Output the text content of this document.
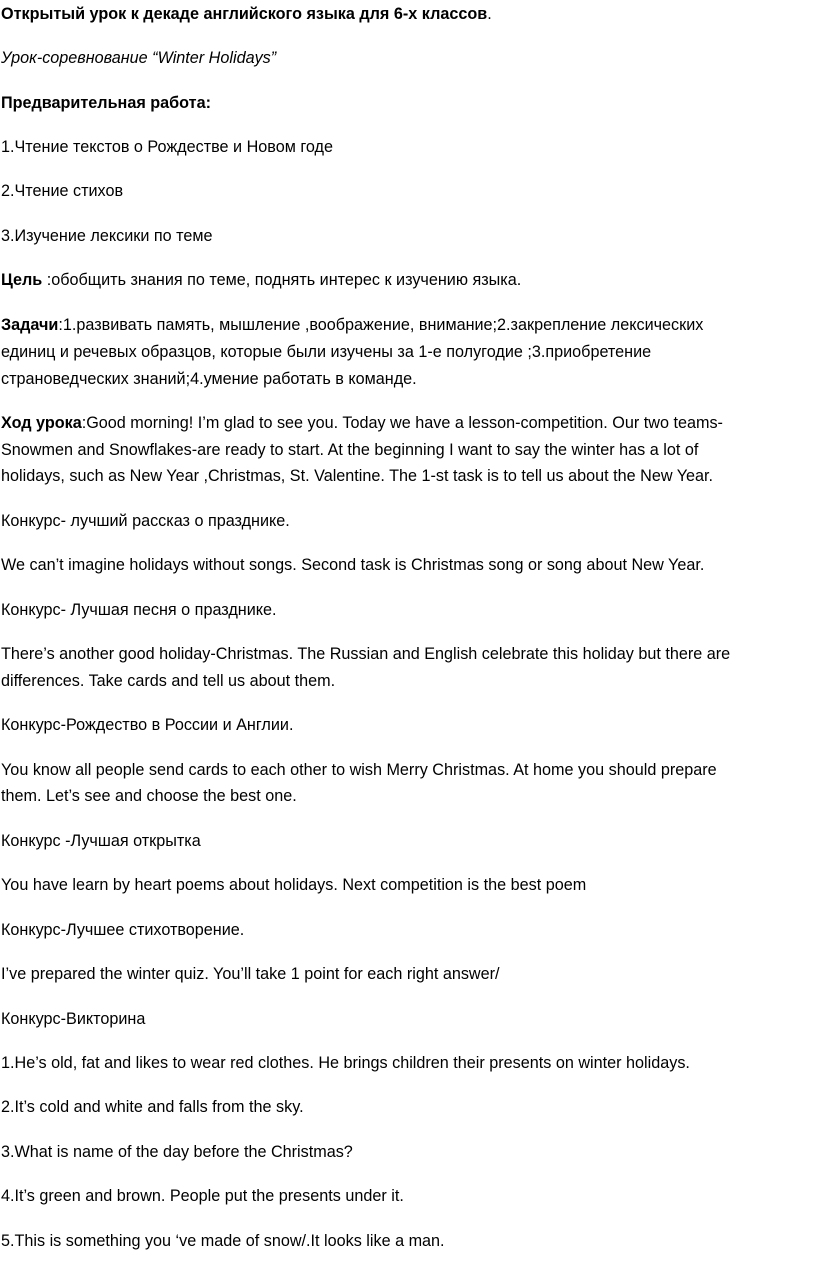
Открытый урок к декаде английского языка для 6-х классов.

Урок-соревнование “Winter Holidays”

Предварительная работа:

1.Чтение текстов о Рождестве и Новом годе

2.Чтение стихов

3.Изучение лексики по теме

Цель :обобщить знания по теме, поднять интерес к изучению языка.

Задачи:1.развивать память, мышление ,воображение, внимание;2.закрепление лексических

единиц и речевых образцов, которые были изучены за 1-е полугодие ;3.приобретение

страноведческих знаний;4.умение работать в команде.

Ход урока:Good morning! I’m glad to see you. Today we have a lesson-competition. Our two teams-

Snowmen and Snowflakes-are ready to start. At the beginning I want to say the winter has a lot of

holidays, such as New Year ,Christmas, St. Valentine. The 1-st task is to tell us about the New Year.

Конкурс- лучший рассказ о празднике.

We can’t imagine holidays without songs. Second task is Christmas song or song about New Year.

Конкурс- Лучшая песня о празднике.

There’s another good holiday-Christmas. The Russian and English celebrate this holiday but there are

differences. Take cards and tell us about them.

Конкурс-Рождество в России и Англии.

You know all people send cards to each other to wish Merry Christmas. At home you should prepare

them. Let’s see and choose the best one.

Конкурс -Лучшая открытка

You have learn by heart poems about holidays. Next competition is the best poem

Конкурс-Лучшее стихотворение.

I’ve prepared the winter quiz. You’ll take 1 point for each right answer/

Конкурс-Викторина

1.He’s old, fat and likes to wear red clothes. He brings children their presents on winter holidays.

2.It’s cold and white and falls from the sky.

3.What is name of the day before the Christmas?

4.It’s green and brown. People put the presents under it.

5.This is something you ‘ve made of snow/.It looks like a man.
